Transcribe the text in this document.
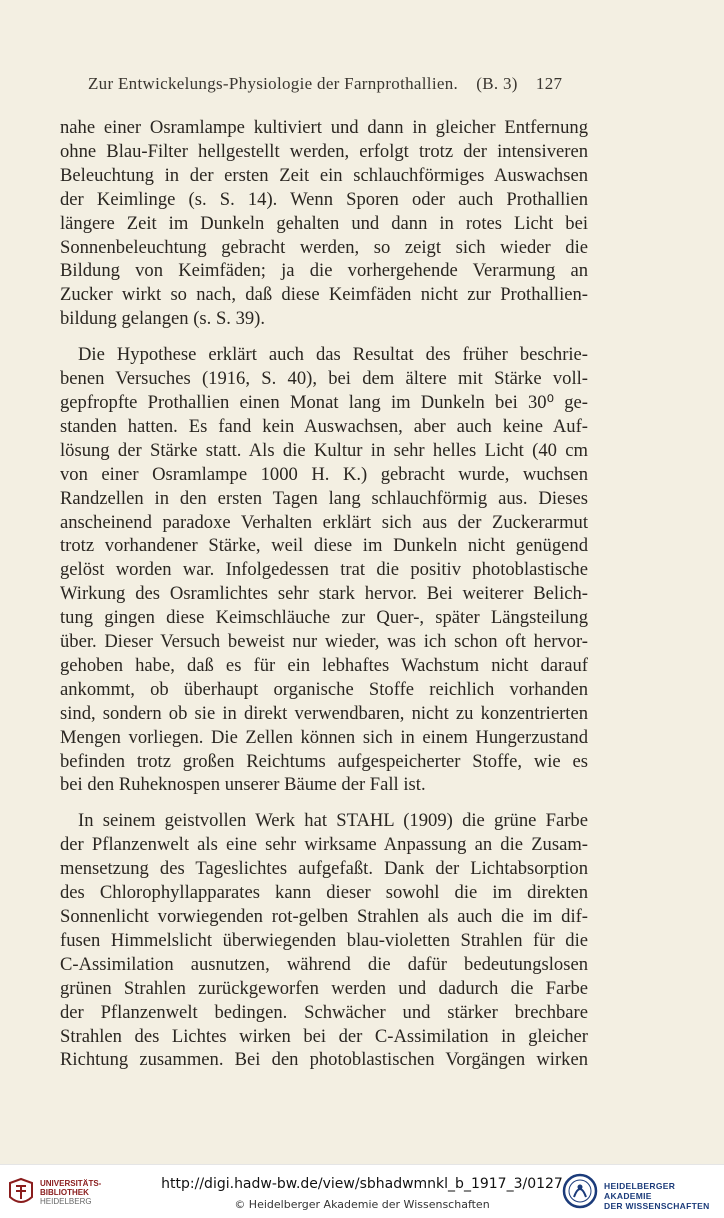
Zur Entwickelungs-Physiologie der Farnprothallien. (B. 3) 127
nahe einer Osramlampe kultiviert und dann in gleicher Entfernung
ohne Blau-Filter hellgestellt werden, erfolgt trotz der intensiveren
Beleuchtung in der ersten Zeit ein schlauchförmiges Auswachsen
der Keimlinge (s. S. 14). Wenn Sporen oder auch Prothallien
längere Zeit im Dunkeln gehalten und dann in rotes Licht bei
Sonnenbeleuchtung gebracht werden, so zeigt sich wieder die
Bildung von Keimfäden; ja die vorhergehende Verarmung an
Zucker wirkt so nach, daß diese Keimfäden nicht zur Prothallien-
bildung gelangen (s. S. 39).
Die Hypothese erklärt auch das Resultat des früher beschrie-
benen Versuches (1916, S. 40), bei dem ältere mit Stärke voll-
gepfropfte Prothallien einen Monat lang im Dunkeln bei 30⁰ ge-
standen hatten. Es fand kein Auswachsen, aber auch keine Auf-
lösung der Stärke statt. Als die Kultur in sehr helles Licht (40 cm
von einer Osramlampe 1000 H. K.) gebracht wurde, wuchsen
Randzellen in den ersten Tagen lang schlauchförmig aus. Dieses
anscheinend paradoxe Verhalten erklärt sich aus der Zuckerarmut
trotz vorhandener Stärke, weil diese im Dunkeln nicht genügend
gelöst worden war. Infolgedessen trat die positiv photoblastische
Wirkung des Osramlichtes sehr stark hervor. Bei weiterer Belich-
tung gingen diese Keimschläuche zur Quer-, später Längsteilung
über. Dieser Versuch beweist nur wieder, was ich schon oft hervor-
gehoben habe, daß es für ein lebhaftes Wachstum nicht darauf
ankommt, ob überhaupt organische Stoffe reichlich vorhanden
sind, sondern ob sie in direkt verwendbaren, nicht zu konzentrierten
Mengen vorliegen. Die Zellen können sich in einem Hungerzustand
befinden trotz großen Reichtums aufgespeicherter Stoffe, wie es
bei den Ruheknospen unserer Bäume der Fall ist.
In seinem geistvollen Werk hat STAHL (1909) die grüne Farbe
der Pflanzenwelt als eine sehr wirksame Anpassung an die Zusam-
mensetzung des Tageslichtes aufgefaßt. Dank der Lichtabsorption
des Chlorophyllapparates kann dieser sowohl die im direkten
Sonnenlicht vorwiegenden rot-gelben Strahlen als auch die im dif-
fusen Himmelslicht überwiegenden blau-violetten Strahlen für die
C-Assimilation ausnutzen, während die dafür bedeutungslosen
grünen Strahlen zurückgeworfen werden und dadurch die Farbe
der Pflanzenwelt bedingen. Schwächer und stärker brechbare
Strahlen des Lichtes wirken bei der C-Assimilation in gleicher
Richtung zusammen. Bei den photoblastischen Vorgängen wirken
UNIVERSITÄTS-
BIBLIOTHEK
HEIDELBERG
http://digi.hadw-bw.de/view/sbhadwmnkl_b_1917_3/0127
© Heidelberger Akademie der Wissenschaften
HEIDELBERGER AKADEMIE
DER WISSENSCHAFTEN
